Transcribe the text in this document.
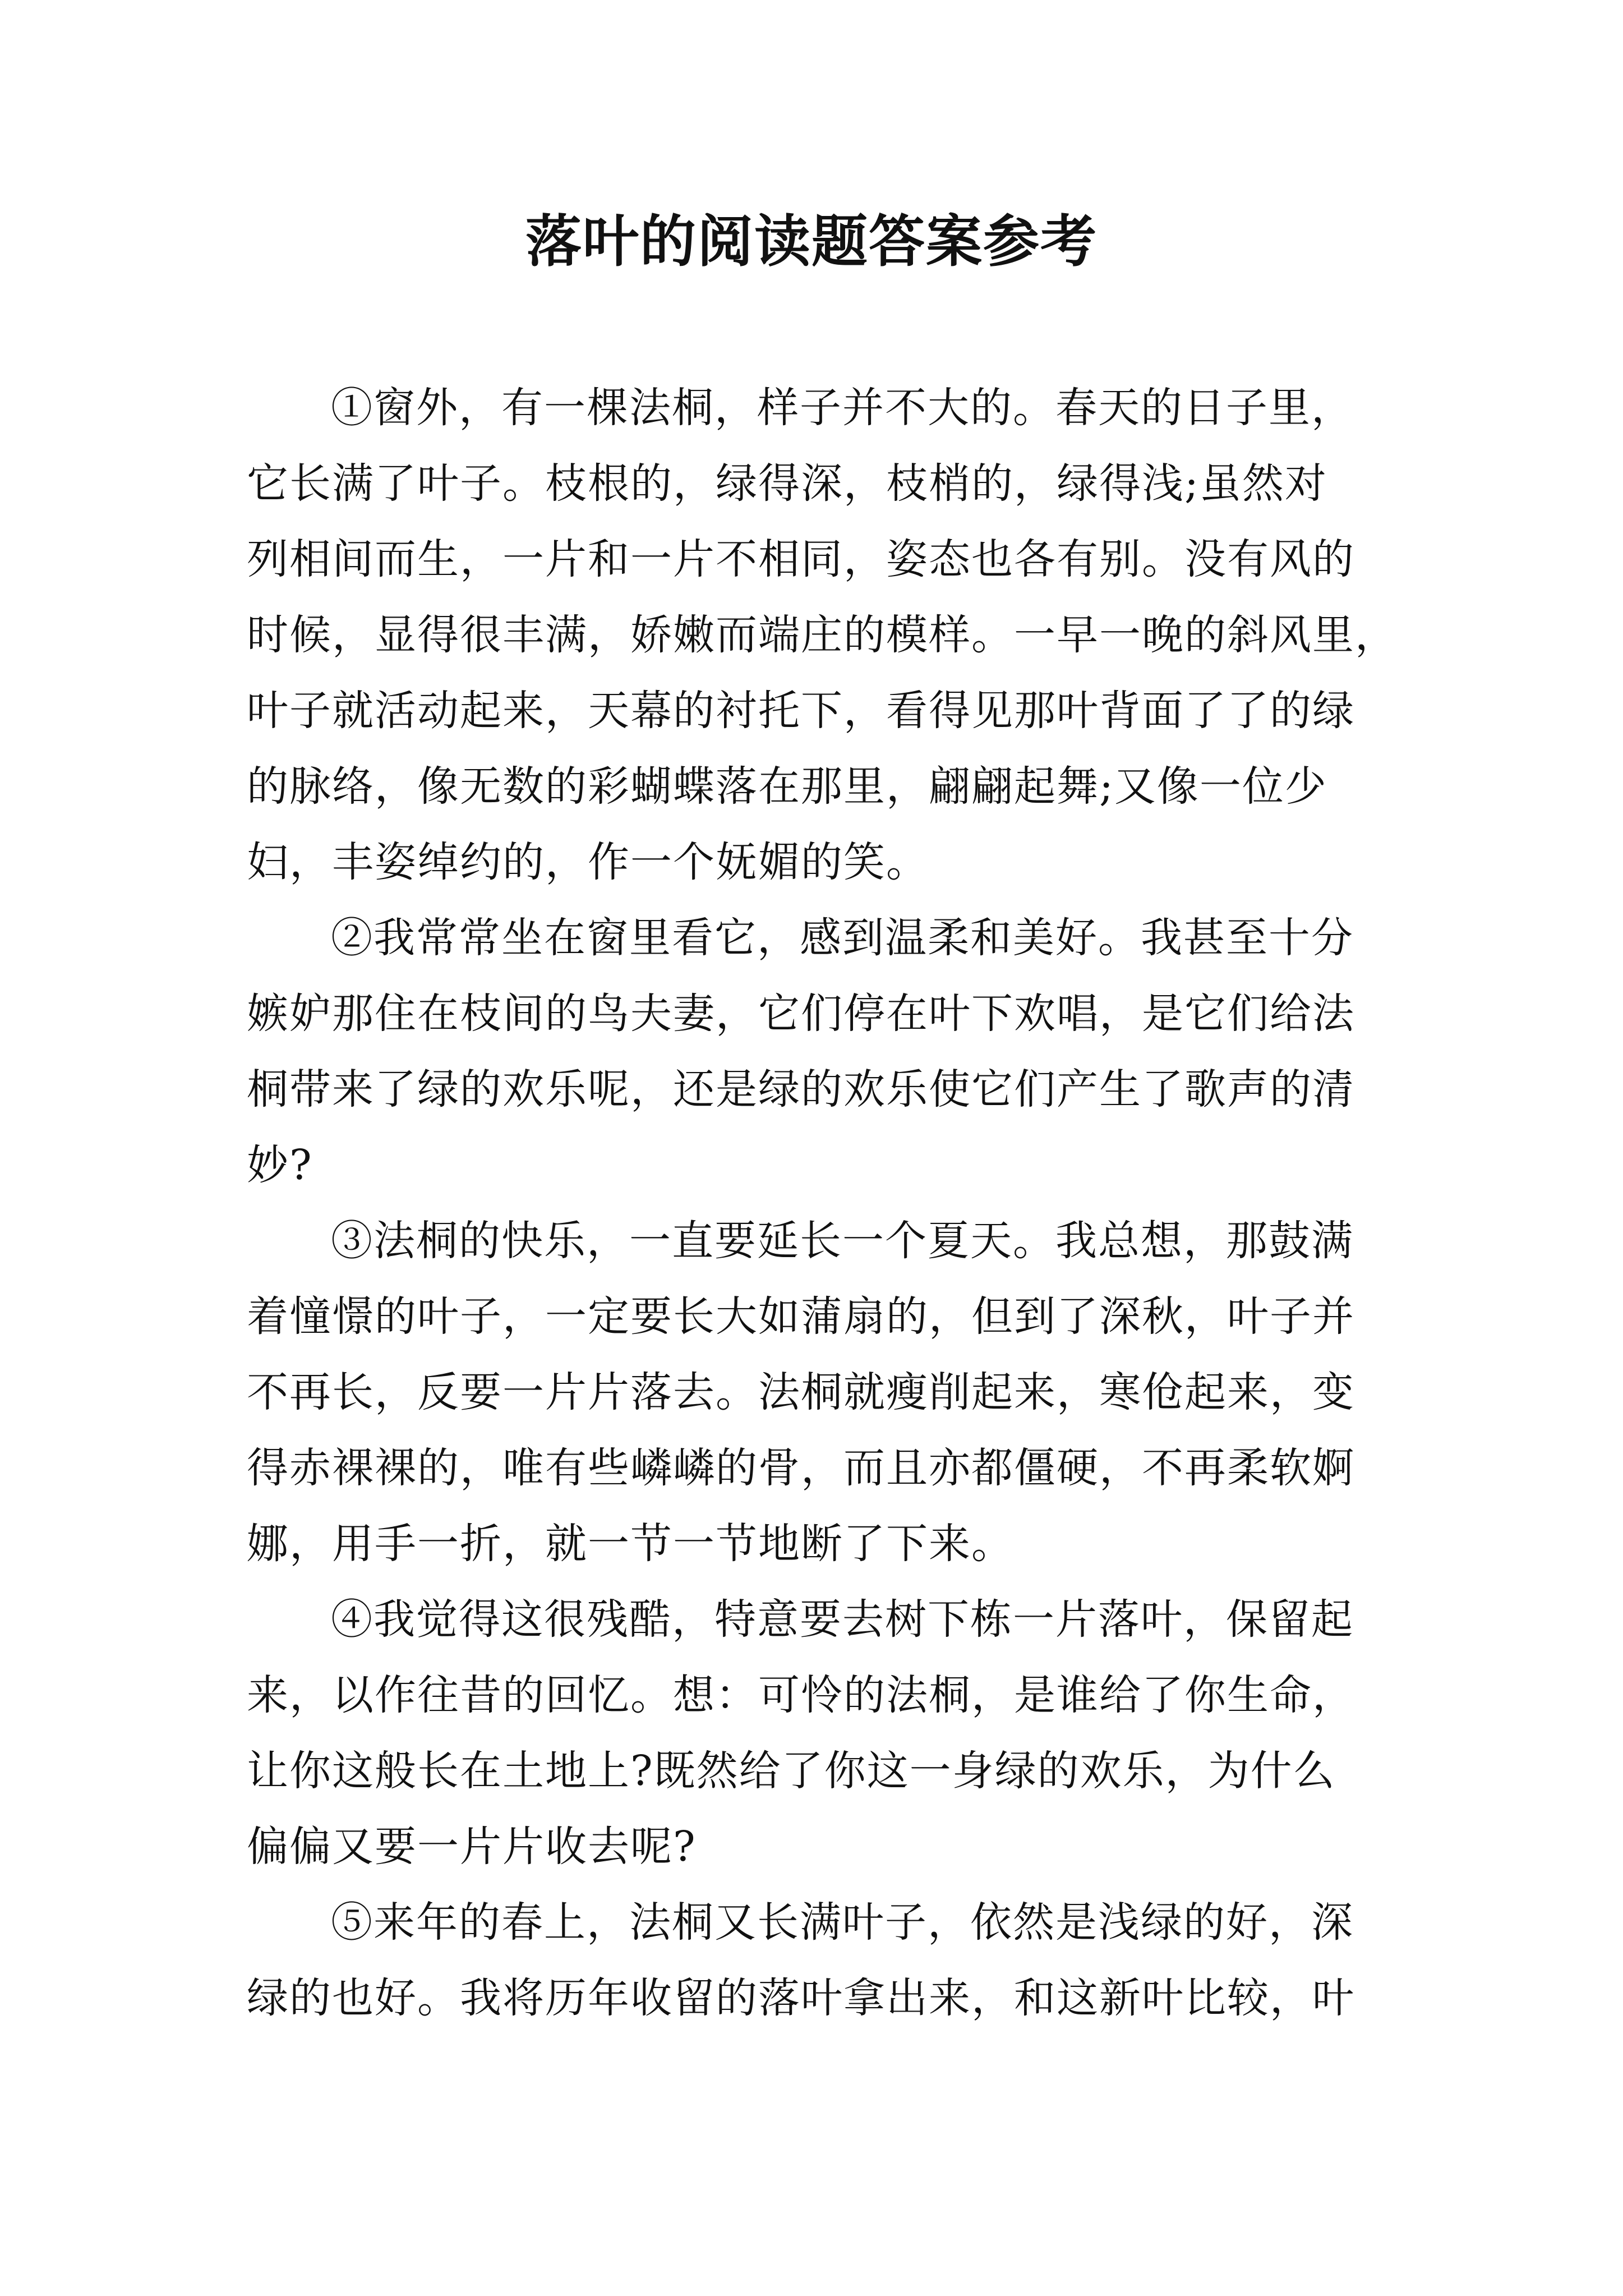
落叶的阅读题答案参考
①窗外，有一棵法桐，样子并不大的。春天的日子里，
它长满了叶子。枝根的，绿得深，枝梢的，绿得浅;虽然对
列相间而生，一片和一片不相同，姿态也各有别。没有风的
时候，显得很丰满，娇嫩而端庄的模样。一早一晚的斜风里，
叶子就活动起来，天幕的衬托下，看得见那叶背面了了的绿
的脉络，像无数的彩蝴蝶落在那里，翩翩起舞;又像一位少
妇，丰姿绰约的，作一个妩媚的笑。
②我常常坐在窗里看它，感到温柔和美好。我甚至十分
嫉妒那住在枝间的鸟夫妻，它们停在叶下欢唱，是它们给法
桐带来了绿的欢乐呢，还是绿的欢乐使它们产生了歌声的清
妙?
③法桐的快乐，一直要延长一个夏天。我总想，那鼓满
着憧憬的叶子，一定要长大如蒲扇的，但到了深秋，叶子并
不再长，反要一片片落去。法桐就瘦削起来，寒伧起来，变
得赤裸裸的，唯有些嶙嶙的骨，而且亦都僵硬，不再柔软婀
娜，用手一折，就一节一节地断了下来。
④我觉得这很残酷，特意要去树下栋一片落叶，保留起
来，以作往昔的回忆。想：可怜的法桐，是谁给了你生命，
让你这般长在土地上?既然给了你这一身绿的欢乐，为什么
偏偏又要一片片收去呢?
⑤来年的春上，法桐又长满叶子，依然是浅绿的好，深
绿的也好。我将历年收留的落叶拿出来，和这新叶比较，叶
